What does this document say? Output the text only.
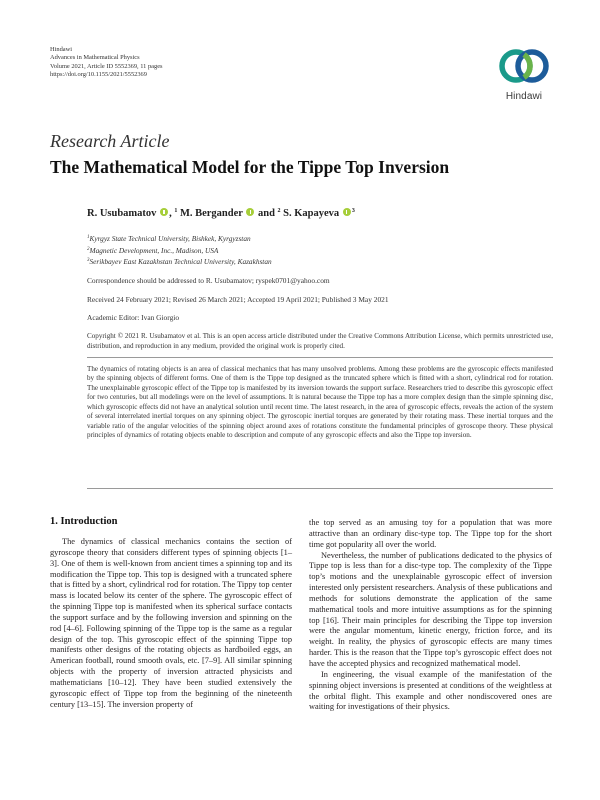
Hindawi
Advances in Mathematical Physics
Volume 2021, Article ID 5552369, 11 pages
https://doi.org/10.1155/2021/5552369
Hindawi
Research Article
The Mathematical Model for the Tippe Top Inversion
R. Usubamatov , $^1$ M. Bergander  and $^2$ S. Kapayeva $^3$
$^1$Kyrgyz State Technical University, Bishkek, Kyrgyzstan
$^2$Magnetic Development, Inc., Madison, USA
$^3$Serikbayev East Kazakhstan Technical University, Kazakhstan
Correspondence should be addressed to R. Usubamatov; ryspek0701@yahoo.com
Received 24 February 2021; Revised 26 March 2021; Accepted 19 April 2021; Published 3 May 2021
Academic Editor: Ivan Giorgio
Copyright © 2021 R. Usubamatov et al. This is an open access article distributed under the Creative Commons Attribution License, which permits unrestricted use, distribution, and reproduction in any medium, provided the original work is properly cited.
The dynamics of rotating objects is an area of classical mechanics that has many unsolved problems. Among these problems are the gyroscopic effects manifested by the spinning objects of different forms. One of them is the Tippe top designed as the truncated sphere which is fitted with a short, cylindrical rod for rotation. The unexplainable gyroscopic effect of the Tippe top is manifested by its inversion towards the support surface. Researchers tried to describe this gyroscopic effect for two centuries, but all modelings were on the level of assumptions. It is natural because the Tippe top has a more complex design than the simple spinning disc, which gyroscopic effects did not have an analytical solution until recent time. The latest research, in the area of gyroscopic effects, reveals the action of the system of several interrelated inertial torques on any spinning object. The gyroscopic inertial torques are generated by their rotating mass. These inertial torques and the variable ratio of the angular velocities of the spinning object around axes of rotations constitute the fundamental principles of gyroscope theory. These physical principles of dynamics of rotating objects enable to description and compute of any gyroscopic effects and also the Tippe top inversion.
1. Introduction

The dynamics of classical mechanics contains the section of gyroscope theory that considers different types of spinning objects [1–3]. One of them is well-known from ancient times a spinning top and its modification the Tippe top. This top is designed with a truncated sphere that is fitted by a short, cylindrical rod for rotation. The Tippy top center mass is located below its center of the sphere. The gyroscopic effect of the spinning Tippe top is manifested when its spherical surface contacts the support surface and by the following inversion and spinning on the rod [4–6]. Following spinning of the Tippe top is the same as a regular design of the top. This gyroscopic effect of the spinning Tippe top manifests other designs of the rotating objects as hardboiled eggs, an American football, round smooth ovals, etc. [7–9]. All similar spinning objects with the property of inversion attracted physicists and mathematicians [10–12]. They have been studied extensively the gyroscopic effect of Tippe top from the beginning of the nineteenth century [13–15]. The inversion property of

the top served as an amusing toy for a population that was more attractive than an ordinary disc-type top. The Tippe top for the short time got popularity all over the world.

Nevertheless, the number of publications dedicated to the physics of Tippe top is less than for a disc-type top. The complexity of the Tippe top’s motions and the unexplainable gyroscopic effect of inversion interested only persistent researchers. Analysis of these publications and methods for solutions demonstrate the application of the same mathematical tools and more intuitive assumptions as for the spinning top [16]. Their main principles for describing the Tippe top inversion were the angular momentum, kinetic energy, friction force, and its weight. In reality, the physics of gyroscopic effects are many times harder. This is the reason that the Tippe top’s gyroscopic effect does not have the accepted physics and recognized mathematical model.

In engineering, the visual example of the manifestation of the spinning object inversions is presented at conditions of the weightless at the orbital flight. This example and other nondiscovered ones are waiting for investigations of their physics.
